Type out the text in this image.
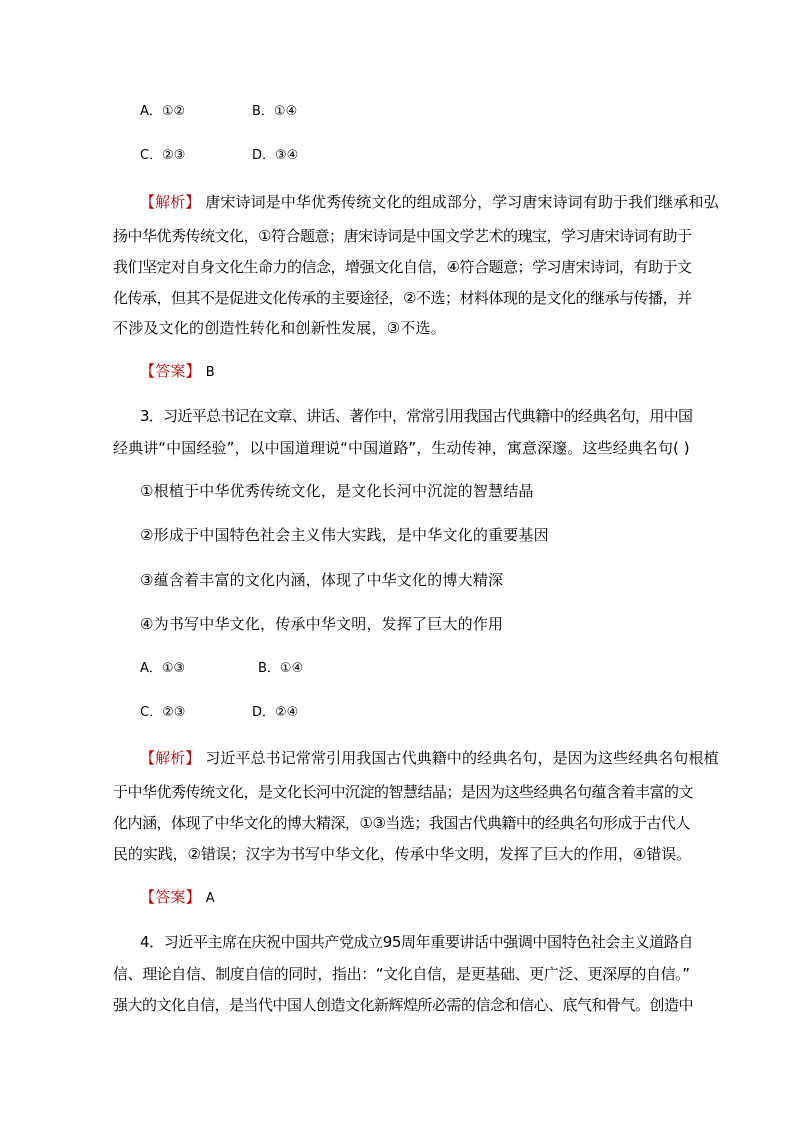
A．①②	B．①④
C．②③	D．③④
【解析】 唐宋诗词是中华优秀传统文化的组成部分，学习唐宋诗词有助于我们继承和弘
扬中华优秀传统文化，①符合题意；唐宋诗词是中国文学艺术的瑰宝，学习唐宋诗词有助于
我们坚定对自身文化生命力的信念，增强文化自信，④符合题意；学习唐宋诗词，有助于文
化传承，但其不是促进文化传承的主要途径，②不选；材料体现的是文化的继承与传播，并
不涉及文化的创造性转化和创新性发展，③不选。
【答案】 B
3．习近平总书记在文章、讲话、著作中，常常引用我国古代典籍中的经典名句，用中国
经典讲“中国经验”，以中国道理说“中国道路”，生动传神，寓意深邃。这些经典名句( )
①根植于中华优秀传统文化，是文化长河中沉淀的智慧结晶
②形成于中国特色社会主义伟大实践，是中华文化的重要基因
③蕴含着丰富的文化内涵，体现了中华文化的博大精深
④为书写中华文化，传承中华文明，发挥了巨大的作用
A．①③	B．①④
C．②③	D．②④
【解析】 习近平总书记常常引用我国古代典籍中的经典名句，是因为这些经典名句根植
于中华优秀传统文化，是文化长河中沉淀的智慧结晶；是因为这些经典名句蕴含着丰富的文
化内涵，体现了中华文化的博大精深，①③当选；我国古代典籍中的经典名句形成于古代人
民的实践，②错误；汉字为书写中华文化，传承中华文明，发挥了巨大的作用，④错误。
【答案】 A
4．习近平主席在庆祝中国共产党成立95周年重要讲话中强调中国特色社会主义道路自
信、理论自信、制度自信的同时，指出：“文化自信，是更基础、更广泛、更深厚的自信。”
强大的文化自信，是当代中国人创造文化新辉煌所必需的信念和信心、底气和骨气。创造中
